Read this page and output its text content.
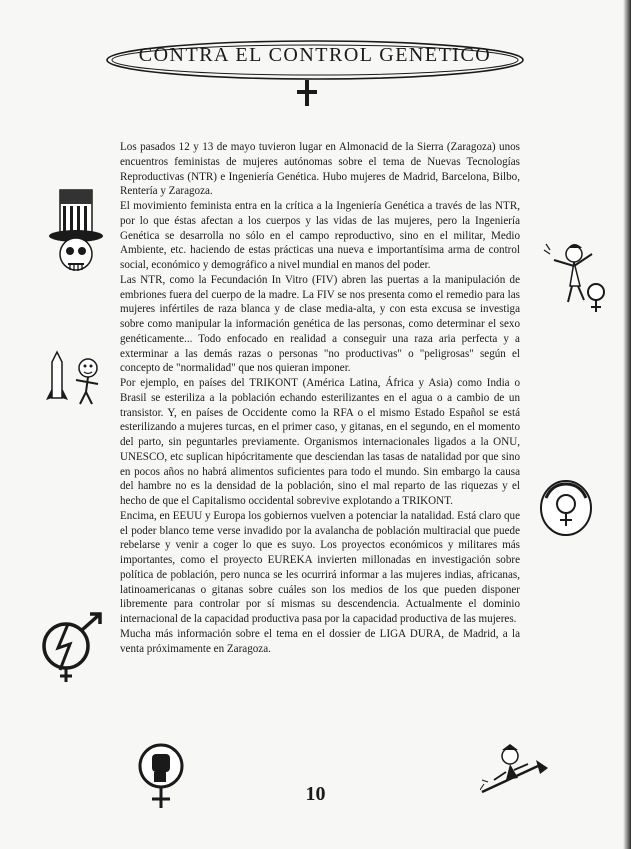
CONTRA EL CONTROL GENETICO

Los pasados 12 y 13 de mayo tuvieron lugar en Almonacid de la Sierra (Zaragoza) unos encuentros feministas de mujeres autónomas sobre el tema de Nuevas Tecnologías Reproductivas (NTR) e Ingeniería Genética. Hubo mujeres de Madrid, Barcelona, Bilbo, Rentería y Zaragoza.

El movimiento feminista entra en la crítica a la Ingeniería Genética a través de las NTR, por lo que éstas afectan a los cuerpos y las vidas de las mujeres, pero la Ingeniería Genética se desarrolla no sólo en el campo reproductivo, sino en el militar, Medio Ambiente, etc. haciendo de estas prácticas una nueva e importantísima arma de control social, económico y demográfico a nivel mundial en manos del poder.

Las NTR, como la Fecundación In Vitro (FIV) abren las puertas a la manipulación de embriones fuera del cuerpo de la madre. La FIV se nos presenta como el remedio para las mujeres infértiles de raza blanca y de clase media-alta, y con esta excusa se investiga sobre como manipular la información genética de las personas, como determinar el sexo genéticamente... Todo enfocado en realidad a conseguir una raza aria perfecta y a exterminar a las demás razas o personas "no productivas" o "peligrosas" según el concepto de "normalidad" que nos quieran imponer.

Por ejemplo, en países del TRIKONT (América Latina, África y Asia) como India o Brasil se esteriliza a la población echando esterilizantes en el agua o a cambio de un transistor. Y, en países de Occidente como la RFA o el mismo Estado Español se está esterilizando a mujeres turcas, en el primer caso, y gitanas, en el segundo, en el momento del parto, sin peguntarles previamente. Organismos internacionales ligados a la ONU, UNESCO, etc suplican hipócritamente que desciendan las tasas de natalidad por que sino en pocos años no habrá alimentos suficientes para todo el mundo. Sin embargo la causa del hambre no es la densidad de la población, sino el mal reparto de las riquezas y el hecho de que el Capitalismo occidental sobrevive explotando a TRIKONT.

Encima, en EEUU y Europa los gobiernos vuelven a potenciar la natalidad. Está claro que el poder blanco teme verse invadido por la avalancha de población multiracial que puede rebelarse y venir a coger lo que es suyo. Los proyectos económicos y militares más importantes, como el proyecto EUREKA invierten millonadas en investigación sobre política de población, pero nunca se les ocurrirá informar a las mujeres indias, africanas, latinoamericanas o gitanas sobre cuáles son los medios de los que pueden disponer libremente para controlar por sí mismas su descendencia. Actualmente el dominio internacional de la capacidad productiva pasa por la capacidad productiva de las mujeres.

Mucha más información sobre el tema en el dossier de LIGA DURA, de Madrid, a la venta próximamente en Zaragoza.

10
